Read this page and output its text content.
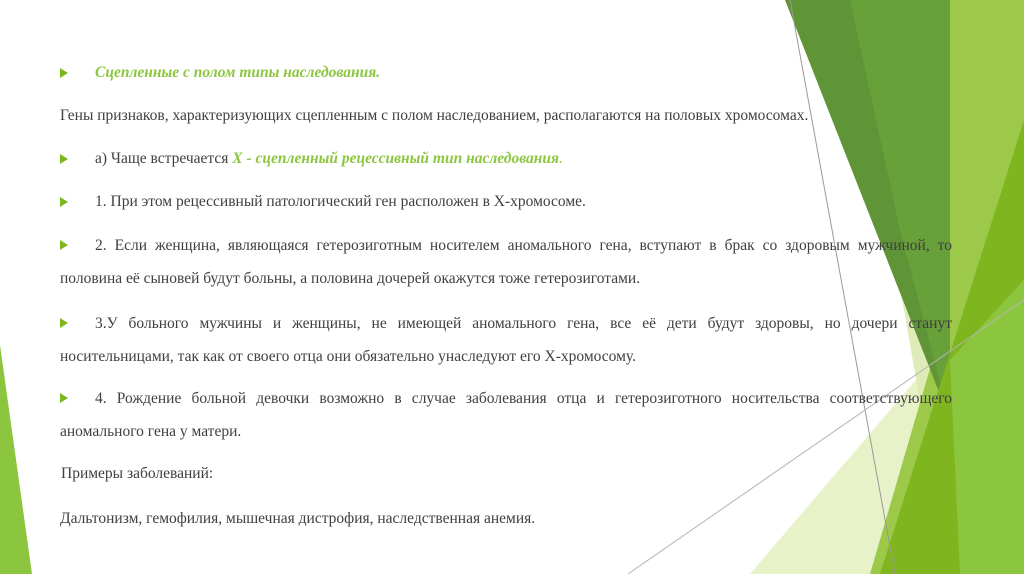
Сцепленные с полом типы наследования.
Гены признаков, характеризующих сцепленным с полом наследованием, располагаются на половых хромосомах.
а) Чаще встречается Х - сцепленный рецессивный тип наследования.
1. При этом рецессивный патологический ген расположен в Х-хромосоме.
2. Если женщина, являющаяся гетерозиготным носителем аномального гена, вступают в брак со здоровым мужчиной, то половина её сыновей будут больны, а половина дочерей окажутся тоже гетерозиготами.
3.У больного мужчины и женщины, не имеющей аномального гена, все её дети будут здоровы, но дочери станут носительницами, так как от своего отца они обязательно унаследуют его Х-хромосому.
4. Рождение больной девочки возможно в случае заболевания отца и гетерозиготного носительства соответствующего аномального гена у матери.
Примеры заболеваний:
Дальтонизм, гемофилия, мышечная дистрофия, наследственная анемия.
